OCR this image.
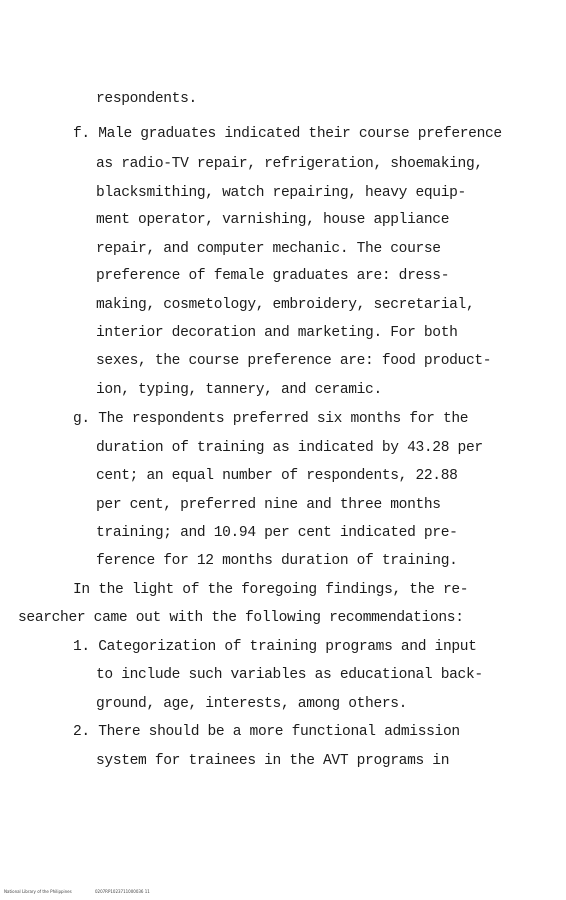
respondents.
f. Male graduates indicated their course preference
as radio-TV repair, refrigeration, shoemaking,
blacksmithing, watch repairing, heavy equip-
ment operator, varnishing, house appliance
repair, and computer mechanic. The course
preference of female graduates are: dress-
making, cosmetology, embroidery, secretarial,
interior decoration and marketing. For both
sexes, the course preference are: food product-
ion, typing, tannery, and ceramic.
g. The respondents preferred six months for the
duration of training as indicated by 43.28 per
cent; an equal number of respondents, 22.88
per cent, preferred nine and three months
training; and 10.94 per cent indicated pre-
ference for 12 months duration of training.
In the light of the foregoing findings, the re-
searcher came out with the following recommendations:
1. Categorization of training programs and input
to include such variables as educational back-
ground, age, interests, among others.
2. There should be a more functional admission
system for trainees in the AVT programs in
National Library of the Philippines	0207RP1023711000036 11
